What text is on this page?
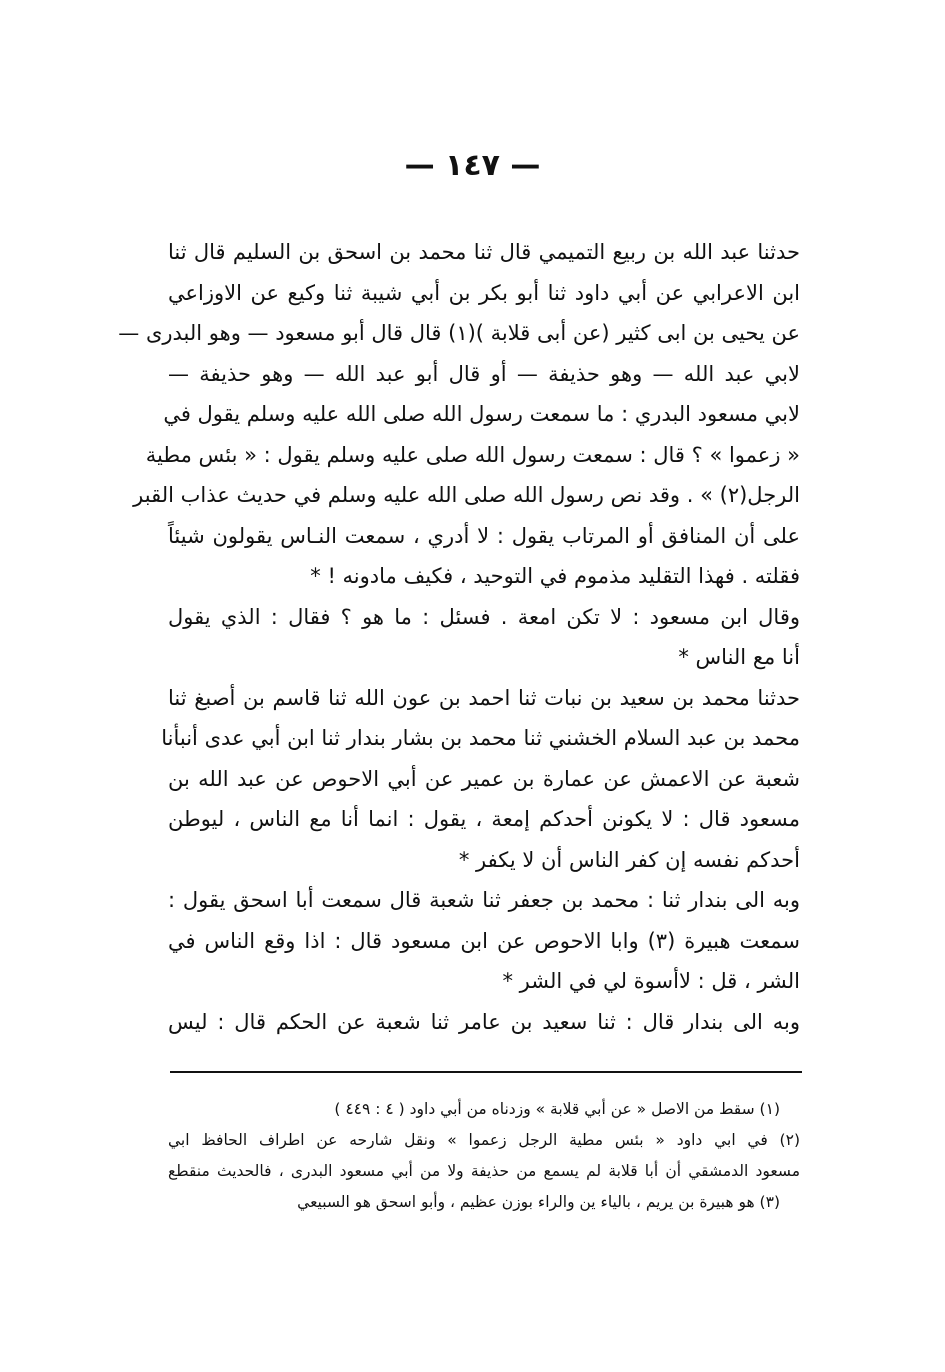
— ١٤٧ —
حدثنا عبد الله بن ربيع التميمي قال ثنا محمد بن اسحق بن السليم قال ثنا
ابن الاعرابي عن أبي داود ثنا أبو بكر بن أبي شيبة ثنا وكيع عن الاوزاعي
عن يحيى بن ابى كثير (عن أبى قلابة )(١) قال قال أبو مسعود — وهو البدرى —
لابي عبد الله — وهو حذيفة — أو قال أبو عبد الله — وهو حذيفة —
لابي مسعود البدري : ما سمعت رسول الله صلى الله عليه وسلم يقول في
« زعموا » ؟ قال : سمعت رسول الله صلى عليه وسلم يقول : « بئس مطية
الرجل(٢) » . وقد نص رسول الله صلى الله عليه وسلم في حديث عذاب القبر
على أن المنافق أو المرتاب يقول : لا أدري ، سمعت النـاس يقولون شيئاً
فقلته . فهذا التقليد مذموم في التوحيد ، فكيف مادونه ! *
وقال ابن مسعود : لا تكن امعة . فسئل : ما هو ؟ فقال : الذي يقول
أنا مع الناس *
حدثنا محمد بن سعيد بن نبات ثنا احمد بن عون الله ثنا قاسم بن أصبغ ثنا
محمد بن عبد السلام الخشني ثنا محمد بن بشار بندار ثنا ابن أبي عدى أنبأنا
شعبة عن الاعمش عن عمارة بن عمير عن أبي الاحوص عن عبد الله بن
مسعود قال : لا يكونن أحدكم إمعة ، يقول : انما أنا مع الناس ، ليوطن
أحدكم نفسه إن كفر الناس أن لا يكفر *
وبه الى بندار ثنا : محمد بن جعفر ثنا شعبة قال سمعت أبا اسحق يقول :
سمعت هبيرة (٣) وابا الاحوص عن ابن مسعود قال : اذا وقع الناس في
الشر ، قل : لاأسوة لي في الشر *
وبه الى بندار قال : ثنا سعيد بن عامر ثنا شعبة عن الحكم قال : ليس
(١) سقط من الاصل « عن أبي قلابة » وزدناه من أبي داود ( ٤ : ٤٤٩ )
(٢) في ابي داود « بئس مطية الرجل زعموا » ونقل شارحه عن اطراف الحافظ ابي
مسعود الدمشقي أن أبا قلابة لم يسمع من حذيفة ولا من أبي مسعود البدرى ، فالحديث منقطع
(٣) هو هبيرة بن يريم ، بالياء ين والراء بوزن عظيم ، وأبو اسحق هو السبيعي
